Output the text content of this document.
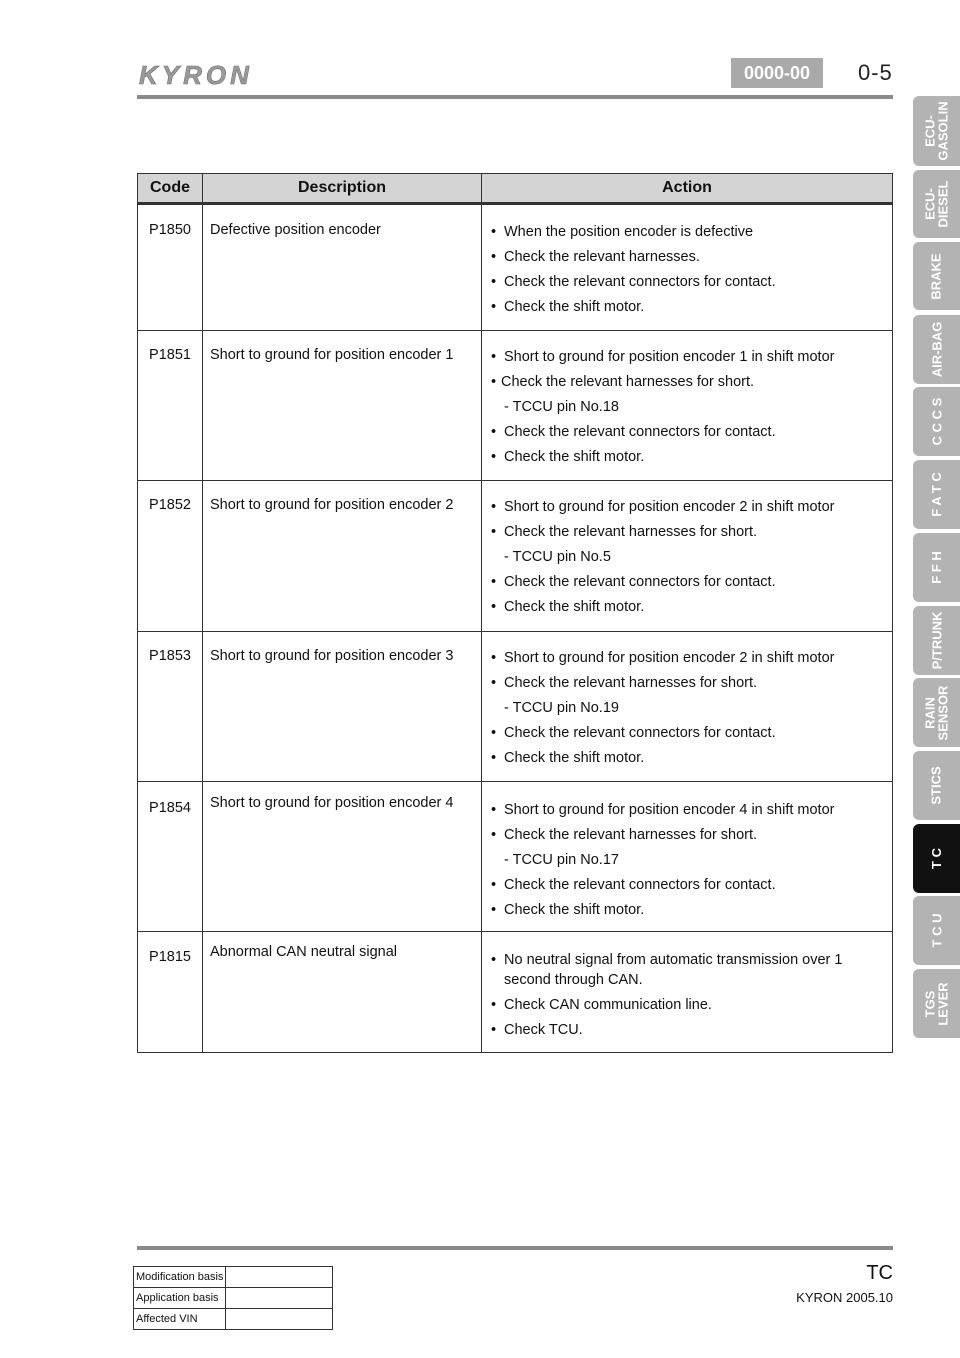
KYRON	0000-00	0-5
ECU-
GASOLIN
ECU-
DIESEL
BRAKE
AIR-BAG
C C C S
F A T C
F F H
P/TRUNK
RAIN
SENSOR
STICS
T C
T C U
TGS
LEVER
Code	Description	Action
P1850	Defective position encoder	• When the position encoder is defective
• Check the relevant harnesses.
• Check the relevant connectors for contact.
• Check the shift motor.
P1851	Short to ground for position encoder 1	• Short to ground for position encoder 1 in shift motor
• Check the relevant harnesses for short.
- TCCU pin No.18
• Check the relevant connectors for contact.
• Check the shift motor.
P1852	Short to ground for position encoder 2	• Short to ground for position encoder 2 in shift motor
• Check the relevant harnesses for short.
- TCCU pin No.5
• Check the relevant connectors for contact.
• Check the shift motor.
P1853	Short to ground for position encoder 3	• Short to ground for position encoder 2 in shift motor
• Check the relevant harnesses for short.
- TCCU pin No.19
• Check the relevant connectors for contact.
• Check the shift motor.
P1854	Short to ground for position encoder 4	• Short to ground for position encoder 4 in shift motor
• Check the relevant harnesses for short.
- TCCU pin No.17
• Check the relevant connectors for contact.
• Check the shift motor.
P1815	Abnormal CAN neutral signal	• No neutral signal from automatic transmission over 1 second through CAN.
• Check CAN communication line.
• Check TCU.
Modification basis	
Application basis	
Affected VIN	
TC
KYRON 2005.10
